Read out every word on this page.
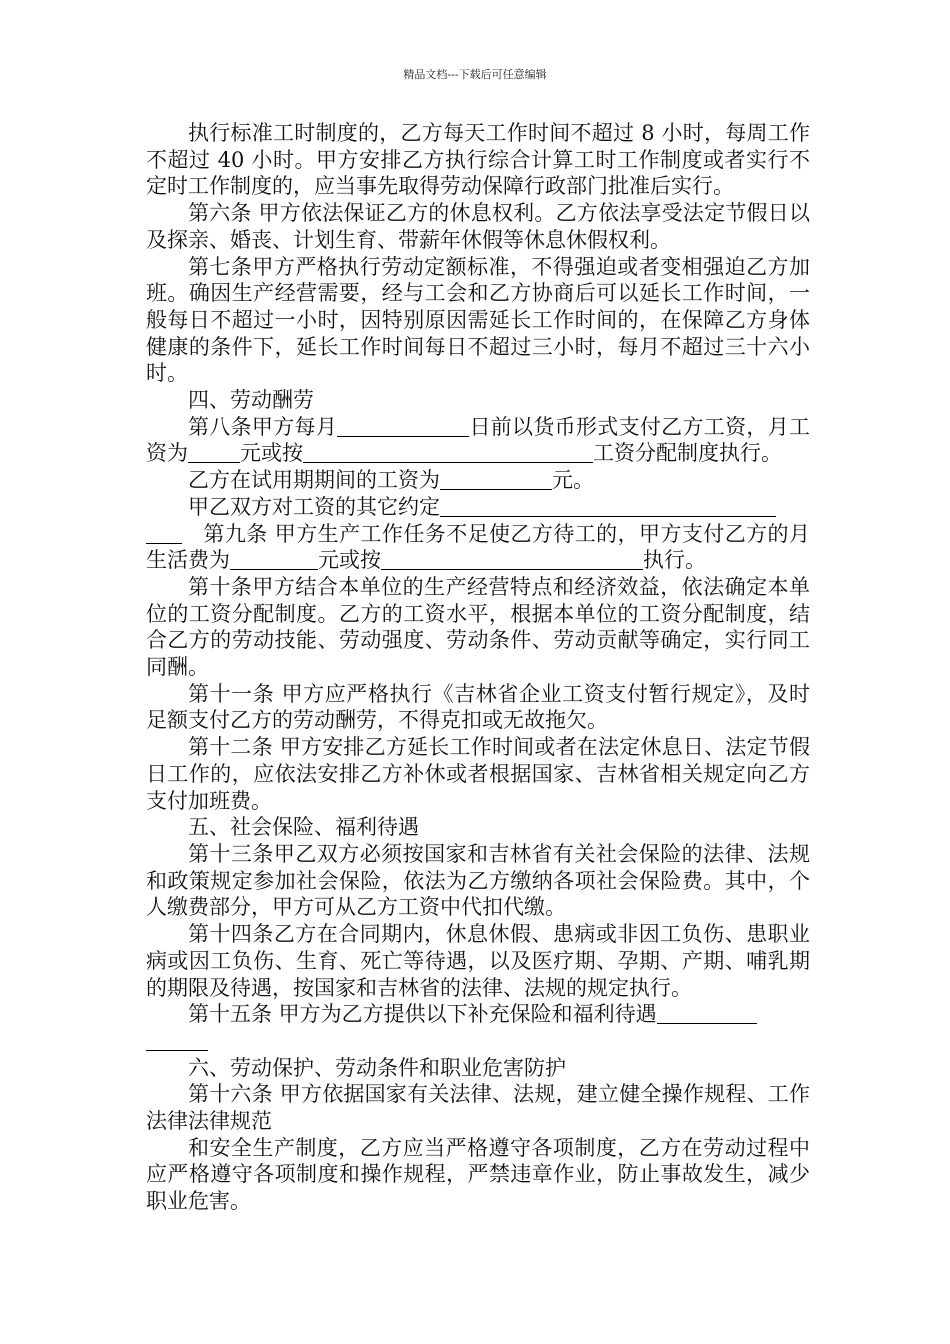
精品文档---下载后可任意编辑

执行标准工时制度的，乙方每天工作时间不超过 8 小时，每周工作不超过 40 小时。甲方安排乙方执行综合计算工时工作制度或者实行不定时工作制度的，应当事先取得劳动保障行政部门批准后实行。

第六条 甲方依法保证乙方的休息权利。乙方依法享受法定节假日以及探亲、婚丧、计划生育、带薪年休假等休息休假权利。

第七条甲方严格执行劳动定额标准，不得强迫或者变相强迫乙方加班。确因生产经营需要，经与工会和乙方协商后可以延长工作时间，一般每日不超过一小时，因特别原因需延长工作时间的，在保障乙方身体健康的条件下，延长工作时间每日不超过三小时，每月不超过三十六小时。

四、劳动酬劳

第八条甲方每月	日前以货币形式支付乙方工资，月工资为 元或按	工资分配制度执行。

乙方在试用期期间的工资为	元。

甲乙双方对工资的其它约定

第九条 甲方生产工作任务不足使乙方待工的，甲方支付乙方的月生活费为	元或按	执行。

第十条甲方结合本单位的生产经营特点和经济效益，依法确定本单位的工资分配制度。乙方的工资水平，根据本单位的工资分配制度，结合乙方的劳动技能、劳动强度、劳动条件、劳动贡献等确定，实行同工同酬。

第十一条 甲方应严格执行《吉林省企业工资支付暂行规定》，及时足额支付乙方的劳动酬劳，不得克扣或无故拖欠。

第十二条 甲方安排乙方延长工作时间或者在法定休息日、法定节假日工作的，应依法安排乙方补休或者根据国家、吉林省相关规定向乙方支付加班费。

五、社会保险、福利待遇

第十三条甲乙双方必须按国家和吉林省有关社会保险的法律、法规和政策规定参加社会保险，依法为乙方缴纳各项社会保险费。其中，个人缴费部分，甲方可从乙方工资中代扣代缴。

第十四条乙方在合同期内，休息休假、患病或非因工负伤、患职业病或因工负伤、生育、死亡等待遇，以及医疗期、孕期、产期、哺乳期的期限及待遇，按国家和吉林省的法律、法规的规定执行。

第十五条 甲方为乙方提供以下补充保险和福利待遇

六、劳动保护、劳动条件和职业危害防护

第十六条 甲方依据国家有关法律、法规，建立健全操作规程、工作法律法律规范

和安全生产制度，乙方应当严格遵守各项制度，乙方在劳动过程中应严格遵守各项制度和操作规程，严禁违章作业，防止事故发生，减少职业危害。
